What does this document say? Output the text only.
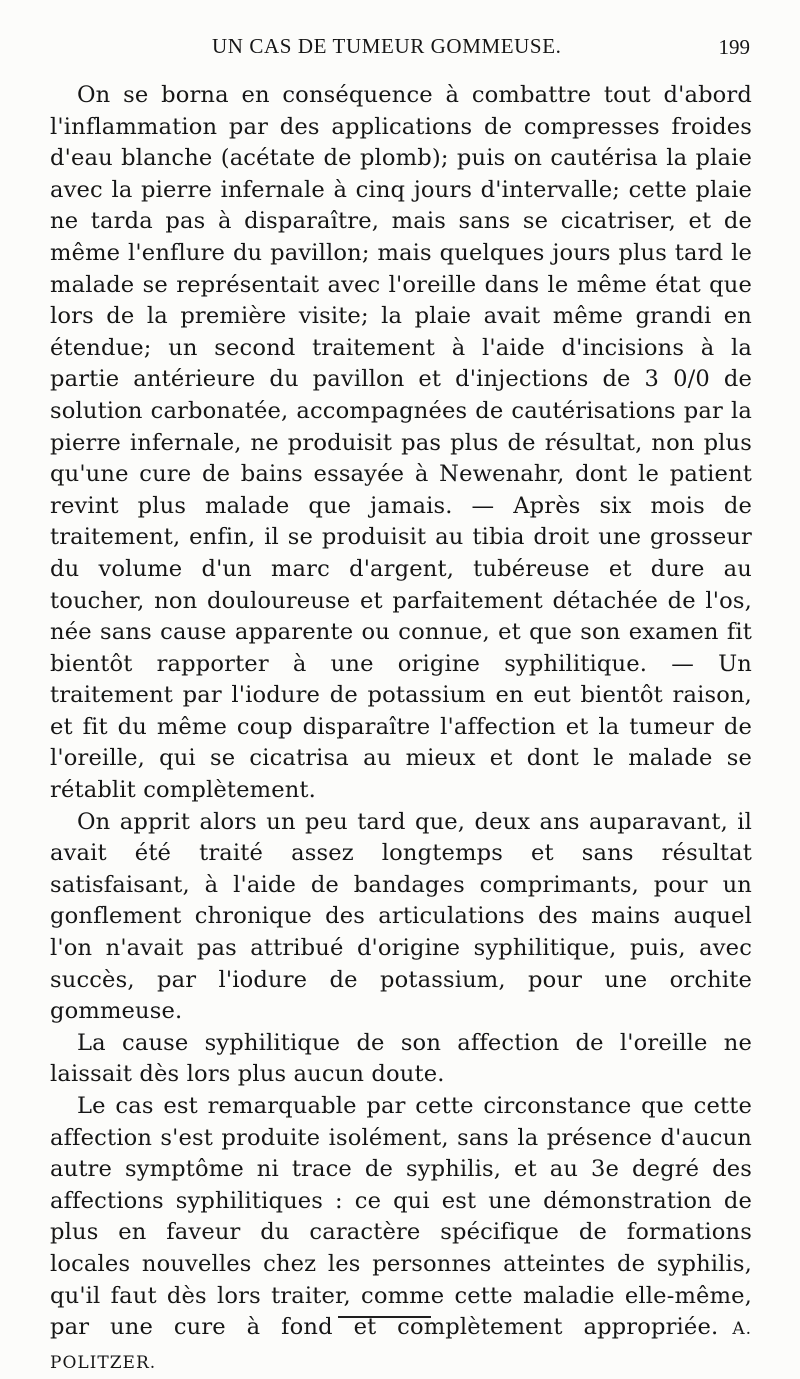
UN CAS DE TUMEUR GOMMEUSE.	199

On se borna en conséquence à combattre tout d'abord l'inflammation par des applications de compresses froides d'eau blanche (acétate de plomb); puis on cautérisa la plaie avec la pierre infernale à cinq jours d'intervalle; cette plaie ne tarda pas à disparaître, mais sans se cicatriser, et de même l'enflure du pavillon; mais quelques jours plus tard le malade se représentait avec l'oreille dans le même état que lors de la première visite; la plaie avait même grandi en étendue; un second traitement à l'aide d'incisions à la partie antérieure du pavillon et d'injections de 3 0/0 de solution carbonatée, accompagnées de cautérisations par la pierre infernale, ne produisit pas plus de résultat, non plus qu'une cure de bains essayée à Newenahr, dont le patient revint plus malade que jamais. — Après six mois de traitement, enfin, il se produisit au tibia droit une grosseur du volume d'un marc d'argent, tubéreuse et dure au toucher, non douloureuse et parfaitement détachée de l'os, née sans cause apparente ou connue, et que son examen fit bientôt rapporter à une origine syphilitique. — Un traitement par l'iodure de potassium en eut bientôt raison, et fit du même coup disparaître l'affection et la tumeur de l'oreille, qui se cicatrisa au mieux et dont le malade se rétablit complètement.

On apprit alors un peu tard que, deux ans auparavant, il avait été traité assez longtemps et sans résultat satisfaisant, à l'aide de bandages comprimants, pour un gonflement chronique des articulations des mains auquel l'on n'avait pas attribué d'origine syphilitique, puis, avec succès, par l'iodure de potassium, pour une orchite gommeuse.

La cause syphilitique de son affection de l'oreille ne laissait dès lors plus aucun doute.

Le cas est remarquable par cette circonstance que cette affection s'est produite isolément, sans la présence d'aucun autre symptôme ni trace de syphilis, et au 3e degré des affections syphilitiques : ce qui est une démonstration de plus en faveur du caractère spécifique de formations locales nouvelles chez les personnes atteintes de syphilis, qu'il faut dès lors traiter, comme cette maladie elle-même, par une cure à fond et complètement appropriée. A. POLITZER.
